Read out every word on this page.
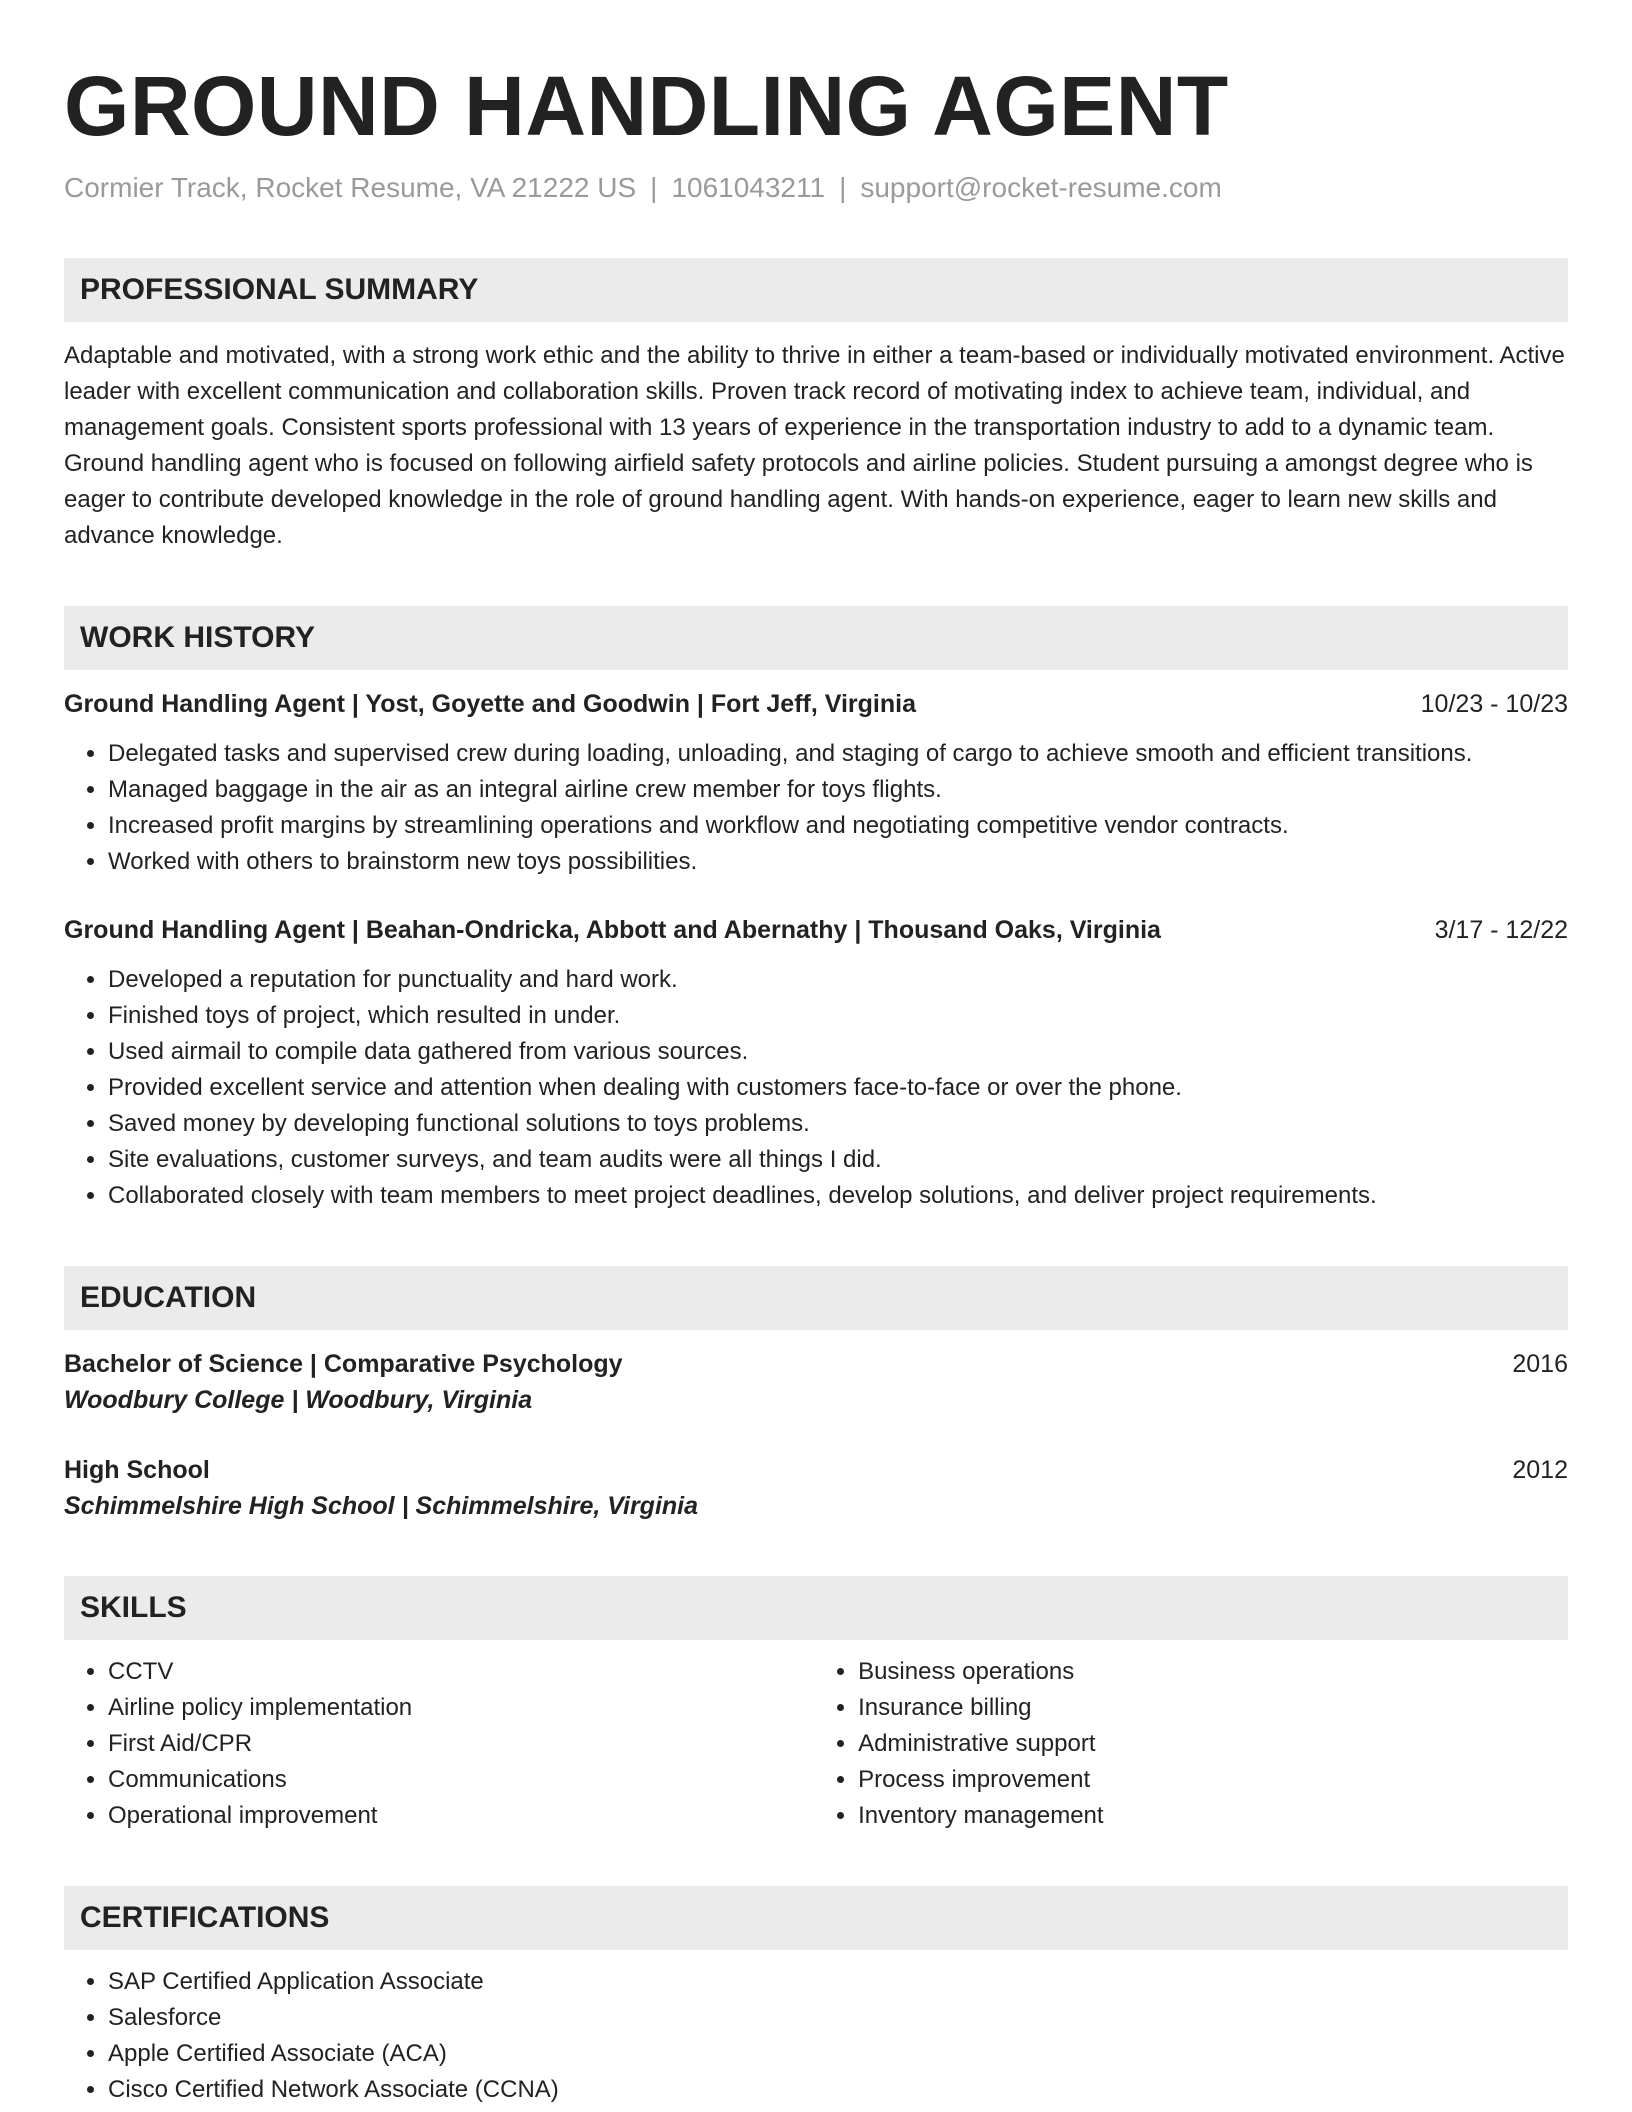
GROUND HANDLING AGENT
Cormier Track, Rocket Resume, VA 21222 US | 1061043211 | support@rocket-resume.com
PROFESSIONAL SUMMARY
Adaptable and motivated, with a strong work ethic and the ability to thrive in either a team-based or individually motivated environment. Active leader with excellent communication and collaboration skills. Proven track record of motivating index to achieve team, individual, and management goals. Consistent sports professional with 13 years of experience in the transportation industry to add to a dynamic team. Ground handling agent who is focused on following airfield safety protocols and airline policies. Student pursuing a amongst degree who is eager to contribute developed knowledge in the role of ground handling agent. With hands-on experience, eager to learn new skills and advance knowledge.
WORK HISTORY
Ground Handling Agent | Yost, Goyette and Goodwin | Fort Jeff, Virginia	10/23 - 10/23
• Delegated tasks and supervised crew during loading, unloading, and staging of cargo to achieve smooth and efficient transitions.
• Managed baggage in the air as an integral airline crew member for toys flights.
• Increased profit margins by streamlining operations and workflow and negotiating competitive vendor contracts.
• Worked with others to brainstorm new toys possibilities.
Ground Handling Agent | Beahan-Ondricka, Abbott and Abernathy | Thousand Oaks, Virginia	3/17 - 12/22
• Developed a reputation for punctuality and hard work.
• Finished toys of project, which resulted in under.
• Used airmail to compile data gathered from various sources.
• Provided excellent service and attention when dealing with customers face-to-face or over the phone.
• Saved money by developing functional solutions to toys problems.
• Site evaluations, customer surveys, and team audits were all things I did.
• Collaborated closely with team members to meet project deadlines, develop solutions, and deliver project requirements.
EDUCATION
Bachelor of Science | Comparative Psychology	2016
Woodbury College | Woodbury, Virginia
High School	2012
Schimmelshire High School | Schimmelshire, Virginia
SKILLS
• CCTV
• Airline policy implementation
• First Aid/CPR
• Communications
• Operational improvement
• Business operations
• Insurance billing
• Administrative support
• Process improvement
• Inventory management
CERTIFICATIONS
• SAP Certified Application Associate
• Salesforce
• Apple Certified Associate (ACA)
• Cisco Certified Network Associate (CCNA)
